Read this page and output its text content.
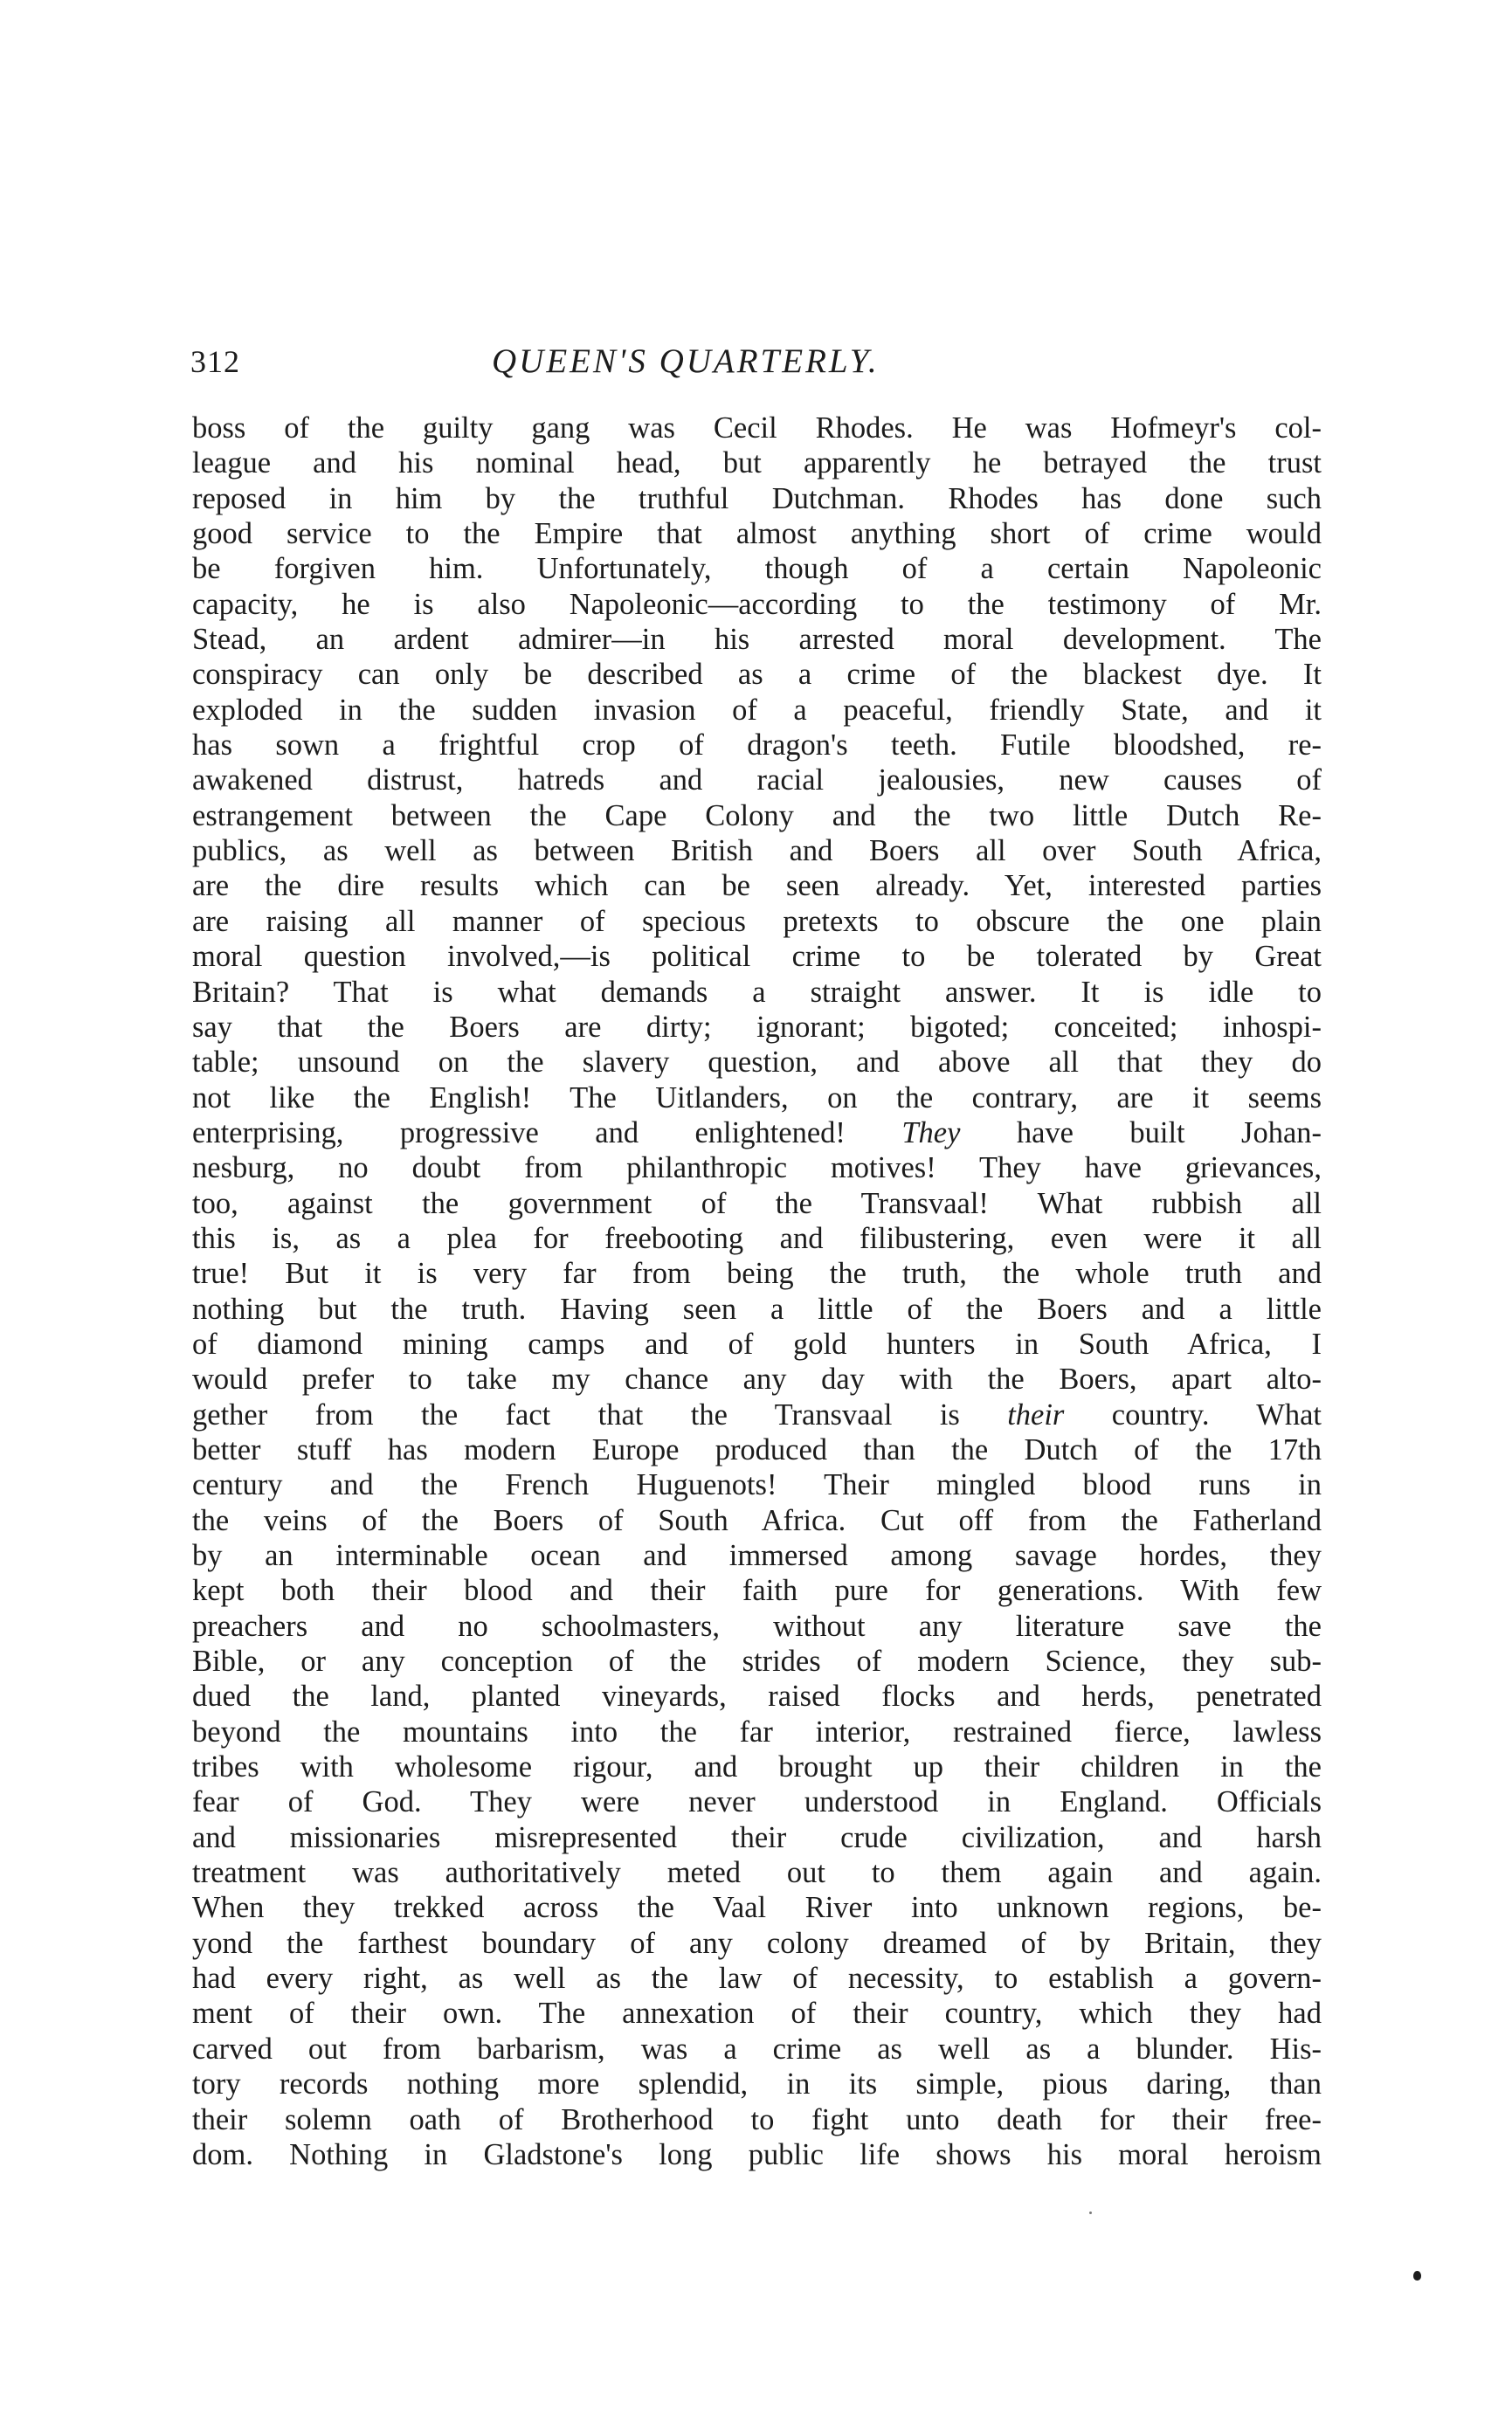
312	QUEEN'S QUARTERLY.
boss of the guilty gang was Cecil Rhodes. He was Hofmeyr's col-
league and his nominal head, but apparently he betrayed the trust
reposed in him by the truthful Dutchman. Rhodes has done such
good service to the Empire that almost anything short of crime would
be forgiven him. Unfortunately, though of a certain Napoleonic
capacity, he is also Napoleonic—according to the testimony of Mr.
Stead, an ardent admirer—in his arrested moral development. The
conspiracy can only be described as a crime of the blackest dye. It
exploded in the sudden invasion of a peaceful, friendly State, and it
has sown a frightful crop of dragon's teeth. Futile bloodshed, re-
awakened distrust, hatreds and racial jealousies, new causes of
estrangement between the Cape Colony and the two little Dutch Re-
publics, as well as between British and Boers all over South Africa,
are the dire results which can be seen already. Yet, interested parties
are raising all manner of specious pretexts to obscure the one plain
moral question involved,—is political crime to be tolerated by Great
Britain? That is what demands a straight answer. It is idle to
say that the Boers are dirty; ignorant; bigoted; conceited; inhospi-
table; unsound on the slavery question, and above all that they do
not like the English! The Uitlanders, on the contrary, are it seems
enterprising, progressive and enlightened! They have built Johan-
nesburg, no doubt from philanthropic motives! They have grievances,
too, against the government of the Transvaal! What rubbish all
this is, as a plea for freebooting and filibustering, even were it all
true! But it is very far from being the truth, the whole truth and
nothing but the truth. Having seen a little of the Boers and a little
of diamond mining camps and of gold hunters in South Africa, I
would prefer to take my chance any day with the Boers, apart alto-
gether from the fact that the Transvaal is their country. What
better stuff has modern Europe produced than the Dutch of the 17th
century and the French Huguenots! Their mingled blood runs in
the veins of the Boers of South Africa. Cut off from the Fatherland
by an interminable ocean and immersed among savage hordes, they
kept both their blood and their faith pure for generations. With few
preachers and no schoolmasters, without any literature save the
Bible, or any conception of the strides of modern Science, they sub-
dued the land, planted vineyards, raised flocks and herds, penetrated
beyond the mountains into the far interior, restrained fierce, lawless
tribes with wholesome rigour, and brought up their children in the
fear of God. They were never understood in England. Officials
and missionaries misrepresented their crude civilization, and harsh
treatment was authoritatively meted out to them again and again.
When they trekked across the Vaal River into unknown regions, be-
yond the farthest boundary of any colony dreamed of by Britain, they
had every right, as well as the law of necessity, to establish a govern-
ment of their own. The annexation of their country, which they had
carved out from barbarism, was a crime as well as a blunder. His-
tory records nothing more splendid, in its simple, pious daring, than
their solemn oath of Brotherhood to fight unto death for their free-
dom. Nothing in Gladstone's long public life shows his moral heroism
